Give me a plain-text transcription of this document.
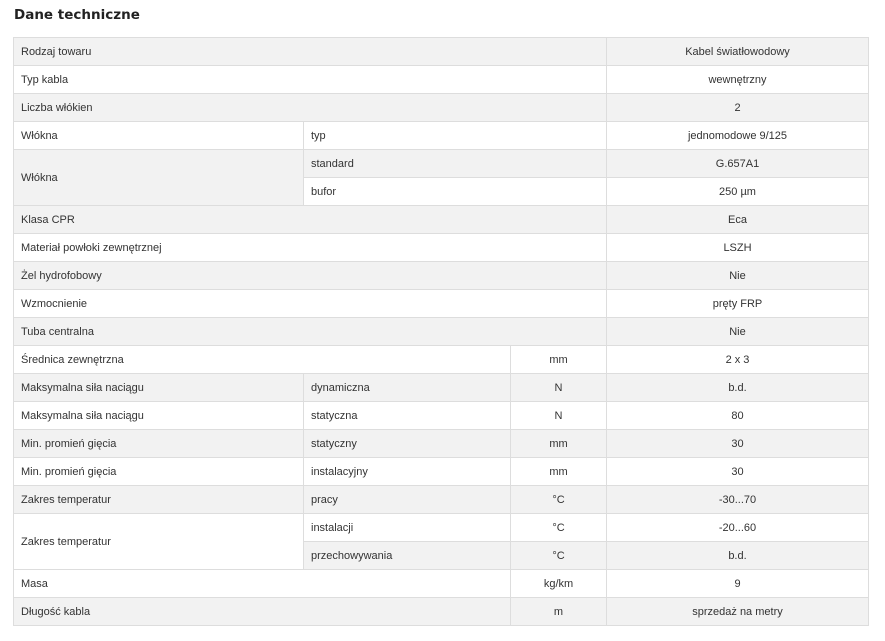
Dane techniczne
Rodzaj towaru			Kabel światłowodowy
Typ kabla			wewnętrzny
Liczba włókien			2
Włókna	typ		jednomodowe 9/125
Włókna	standard		G.657A1
	bufor		250 µm
Klasa CPR			Eca
Materiał powłoki zewnętrznej			LSZH
Żel hydrofobowy			Nie
Wzmocnienie			pręty FRP
Tuba centralna			Nie
Średnica zewnętrzna		mm	2 x 3
Maksymalna siła naciągu	dynamiczna	N	b.d.
Maksymalna siła naciągu	statyczna	N	80
Min. promień gięcia	statyczny	mm	30
Min. promień gięcia	instalacyjny	mm	30
Zakres temperatur	pracy	°C	-30...70
Zakres temperatur	instalacji	°C	-20...60
	przechowywania	°C	b.d.
Masa		kg/km	9
Długość kabla		m	sprzedaż na metry
